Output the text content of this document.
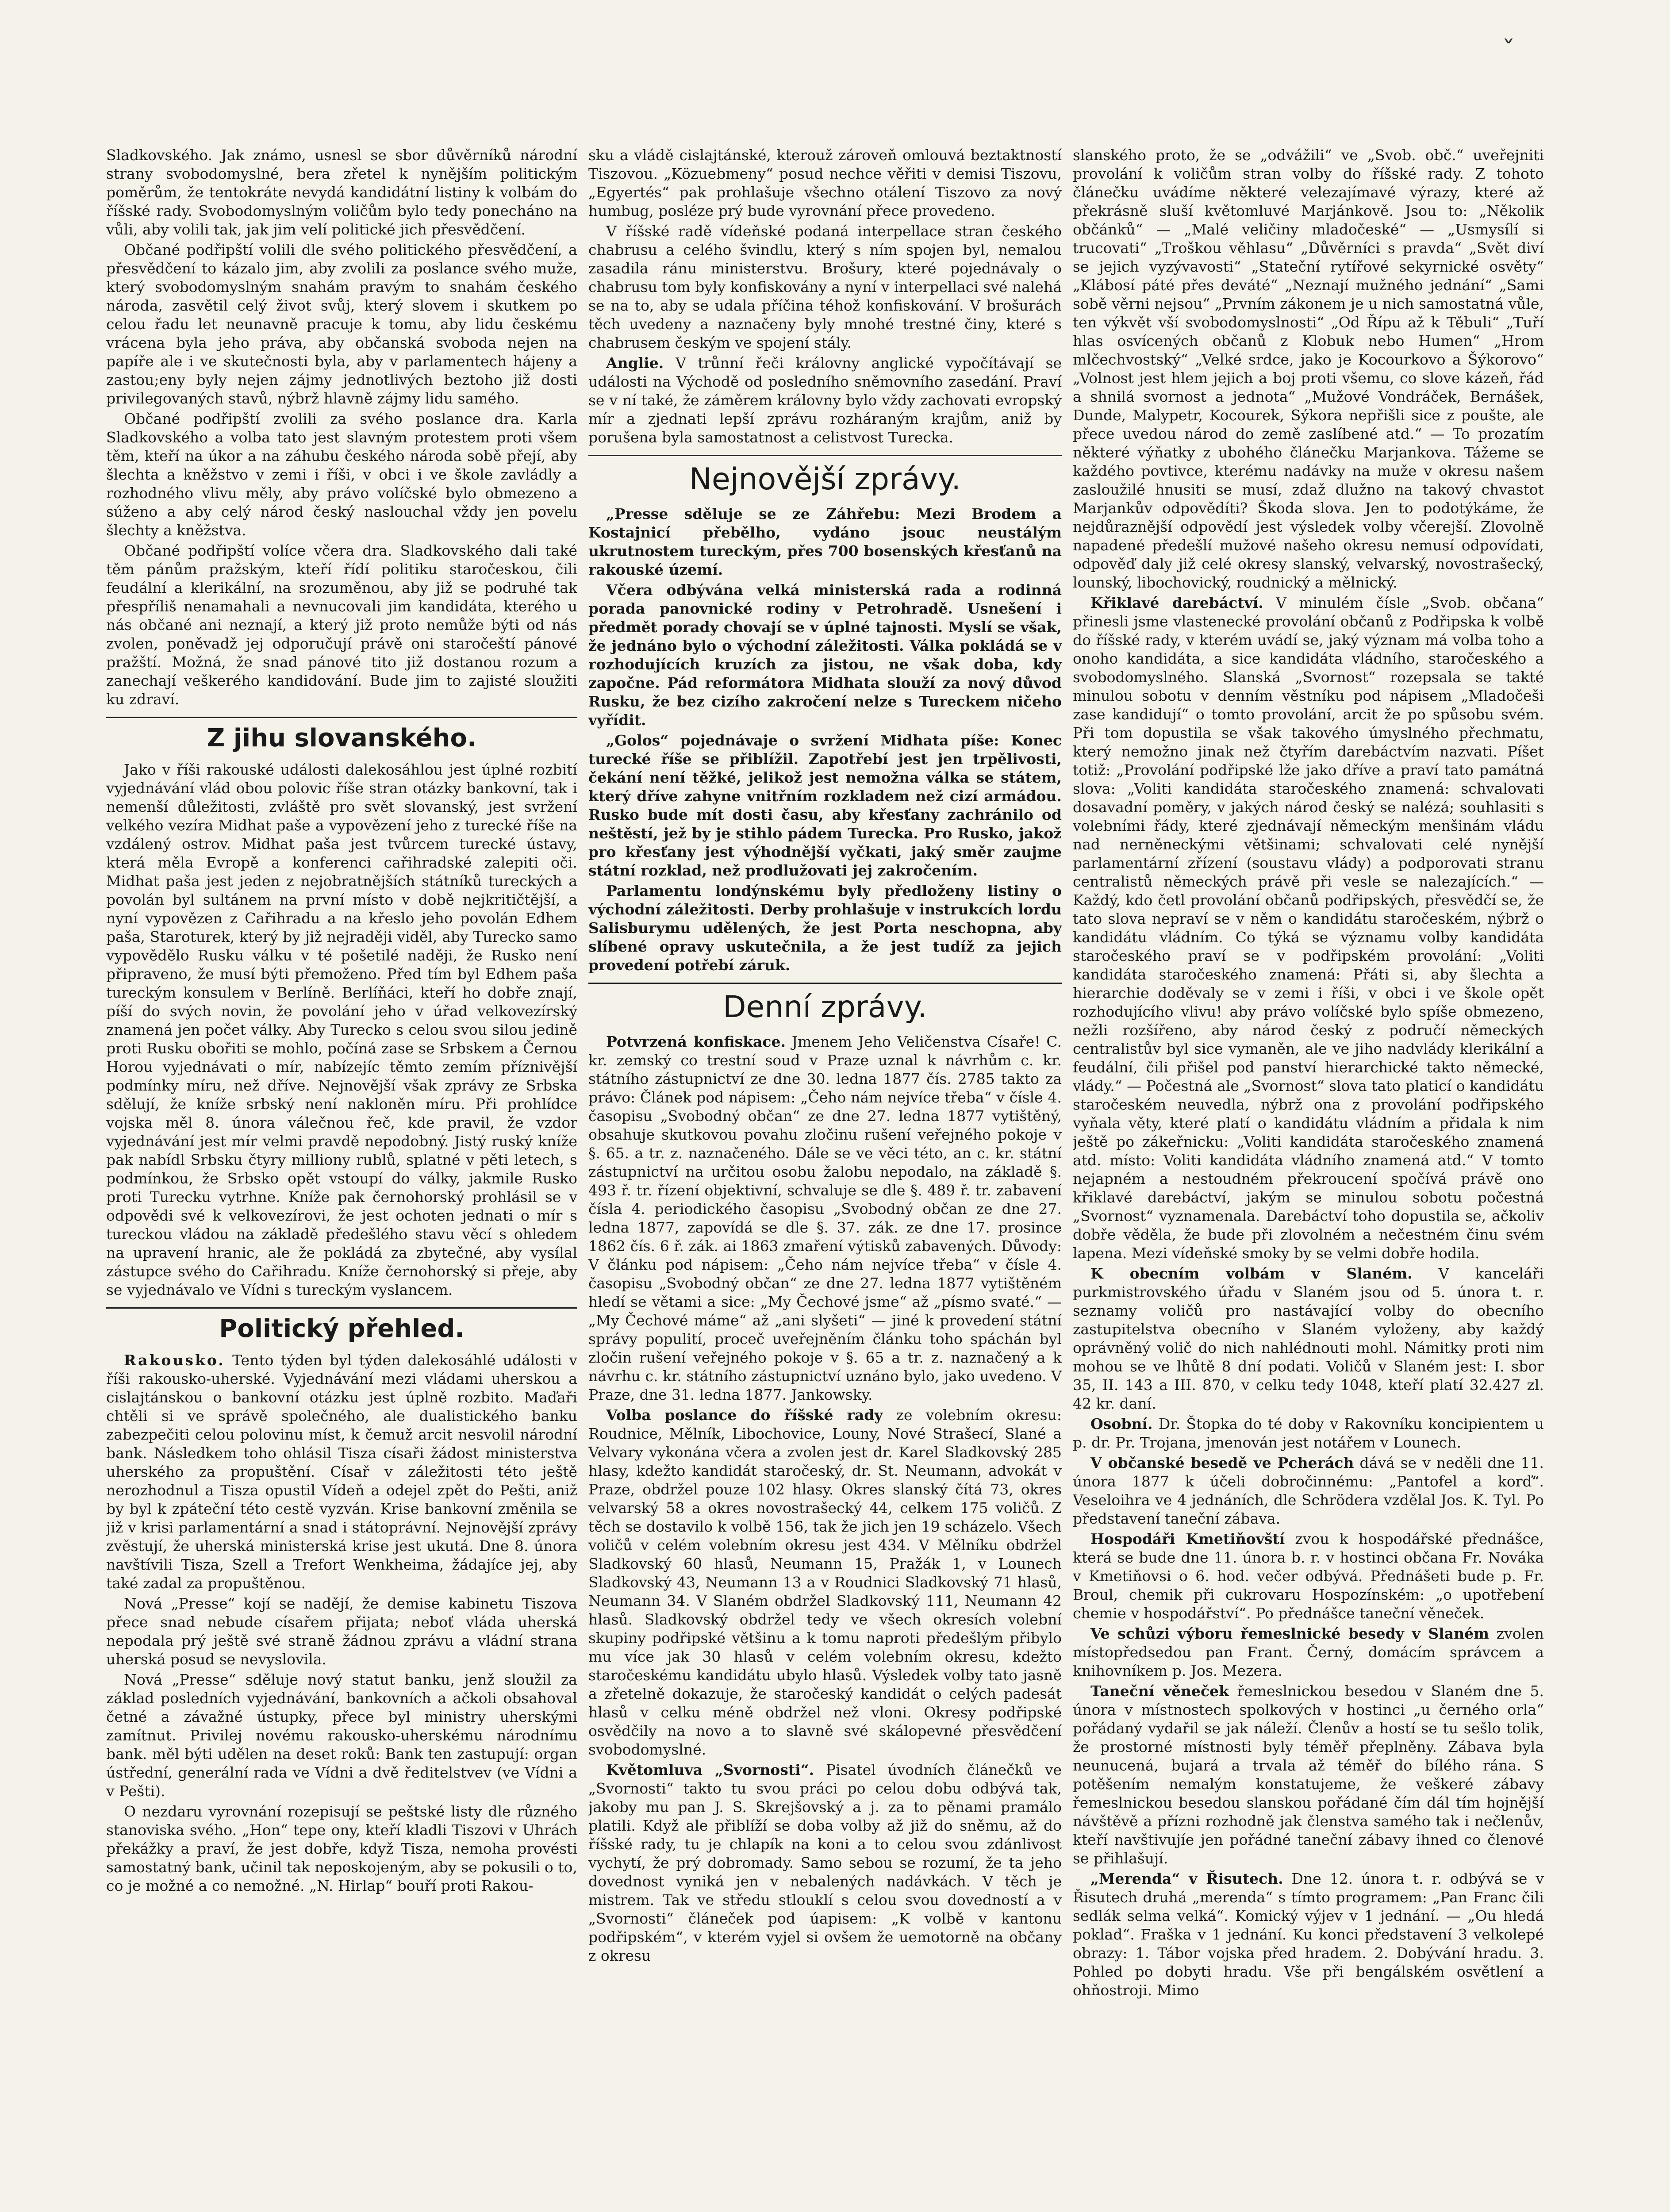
ˇ

Sladkovského. Jak známo, usnesl se sbor důvěrníků národní strany svobodomyslné, bera zřetel k nynějším politickým poměrům, že tentokráte nevydá kandidátní listiny k volbám do říšské rady. Svobodomyslným voličům bylo tedy ponecháno na vůli, aby volili tak, jak jim velí politické jich přesvědčení.

Občané podřipští volili dle svého politického přesvědčení, a přesvědčení to kázalo jim, aby zvolili za poslance svého muže, který svobodomyslným snahám pravým to snahám českého národa, zasvětil celý život svůj, který slovem i skutkem po celou řadu let neunavně pracuje k tomu, aby lidu českému vrácena byla jeho práva, aby občanská svoboda nejen na papíře ale i ve skutečnosti byla, aby v parlamentech hájeny a zastou;eny byly nejen zájmy jednotlivých beztoho již dosti privilegovaných stavů, nýbrž hlavně zájmy lidu samého.

Občané podřipští zvolili za svého poslance dra. Karla Sladkovského a volba tato jest slavným protestem proti všem těm, kteří na úkor a na záhubu českého národa sobě přejí, aby šlechta a kněžstvo v zemi i říši, v obci i ve škole zavládly a rozhodného vlivu měly, aby právo volíčské bylo obmezeno a súženo a aby celý národ český naslouchal vždy jen povelu šlechty a kněžstva.

Občané podřipští volíce včera dra. Sladkovského dali také těm pánům pražským, kteří řídí politiku staročeskou, čili feudální a klerikální, na srozuměnou, aby již se podruhé tak přespříliš nenamahali a nevnucovali jim kandidáta, kterého u nás občané ani neznají, a který již proto nemůže býti od nás zvolen, poněvadž jej odporučují právě oni staročeští pánové pražští. Možná, že snad pánové tito již dostanou rozum a zanechají veškerého kandidování. Bude jim to zajisté sloužiti ku zdraví.

Z jihu slovanského.

Jako v říši rakouské události dalekosáhlou jest úplné rozbití vyjednávání vlád obou polovic říše stran otázky bankovní, tak i nemenší důležitosti, zvláště pro svět slovanský, jest svržení velkého vezíra Midhat paše a vypovězení jeho z turecké říše na vzdálený ostrov. Midhat paša jest tvůrcem turecké ústavy, která měla Evropě a konferenci cařihradské zalepiti oči. Midhat paša jest jeden z nejobratnějších státníků tureckých a povolán byl sultánem na první místo v době nejkritičtější, a nyní vypovězen z Cařihradu a na křeslo jeho povolán Edhem paša, Staroturek, který by již nejraději viděl, aby Turecko samo vypovědělo Rusku válku v té pošetilé naději, že Rusko není připraveno, že musí býti přemoženo. Před tím byl Edhem paša tureckým konsulem v Berlíně. Berlíňáci, kteří ho dobře znají, píší do svých novin, že povolání jeho v úřad velkovezírský znamená jen počet války. Aby Turecko s celou svou silou jedině proti Rusku obořiti se mohlo, počíná zase se Srbskem a Černou Horou vyjednávati o mír, nabízejíc těmto zemím příznivější podmínky míru, než dříve. Nejnovější však zprávy ze Srbska sdělují, že kníže srbský není nakloněn míru. Při prohlídce vojska měl 8. února válečnou řeč, kde pravil, že vzdor vyjednávání jest mír velmi pravdě nepodobný. Jistý ruský kníže pak nabídl Srbsku čtyry milliony rublů, splatné v pěti letech, s podmínkou, že Srbsko opět vstoupí do války, jakmile Rusko proti Turecku vytrhne. Kníže pak černohorský prohlásil se v odpovědi své k velkovezírovi, že jest ochoten jednati o mír s tureckou vládou na základě předešlého stavu věcí s ohledem na upravení hranic, ale že pokládá za zbytečné, aby vysílal zástupce svého do Cařihradu. Kníže černohorský si přeje, aby se vyjednávalo ve Vídni s tureckým vyslancem.

Politický přehled.

Rakousko. Tento týden byl týden dalekosáhlé události v říši rakousko-uherské. Vyjednávání mezi vládami uherskou a cislajtánskou o bankovní otázku jest úplně rozbito. Maďaři chtěli si ve správě společného, ale dualistického banku zabezpečiti celou polovinu míst, k čemuž arcit nesvolil národní bank. Následkem toho ohlásil Tisza císaři žádost ministerstva uherského za propuštění. Císař v záležitosti této ještě nerozhodnul a Tisza opustil Vídeň a odejel zpět do Pešti, aniž by byl k zpáteční této cestě vyzván. Krise bankovní změnila se již v krisi parlamentární a snad i státoprávní. Nejnovější zprávy zvěstují, že uherská ministerská krise jest ukutá. Dne 8. února navštívili Tisza, Szell a Trefort Wenkheima, žádajíce jej, aby také zadal za propuštěnou.

Nová „Presse“ kojí se nadějí, že demise kabinetu Tiszova přece snad nebude císařem přijata; neboť vláda uherská nepodala prý ještě své straně žádnou zprávu a vládní strana uherská posud se nevyslovila.

Nová „Presse“ sděluje nový statut banku, jenž sloužil za základ posledních vyjednávání, bankovních a ačkoli obsahoval četné a závažné ústupky, přece byl ministry uherskými zamítnut. Privilej novému rakousko-uherskému národnímu bank. měl býti udělen na deset roků: Bank ten zastupují: organ ústřední, generální rada ve Vídni a dvě ředitelstvev (ve Vídni a v Pešti).

O nezdaru vyrovnání rozepisují se peštské listy dle různého stanoviska svého. „Hon“ tepe ony, kteří kladli Tiszovi v Uhrách překážky a praví, že jest dobře, když Tisza, nemoha provésti samostatný bank, učinil tak neposkojeným, aby se pokusili o to, co je možné a co nemožné. „N. Hirlap“ bouří proti Rakou-

sku a vládě cislajtánské, kterouž zároveň omlouvá beztaktností Tiszovou. „Közuebmeny“ posud nechce věřiti v demisi Tiszovu, „Egyertés“ pak prohlašuje všechno otálení Tiszovo za nový humbug, posléze prý bude vyrovnání přece provedeno.

V říšské radě vídeňské podaná interpellace stran českého chabrusu a celého švindlu, který s ním spojen byl, nemalou zasadila ránu ministerstvu. Brošury, které pojednávaly o chabrusu tom byly konfiskovány a nyní v interpellaci své nalehá se na to, aby se udala příčina téhož konfiskování. V brošurách těch uvedeny a naznačeny byly mnohé trestné činy, které s chabrusem českým ve spojení stály.

Anglie. V trůnní řeči královny anglické vypočítávají se události na Východě od posledního sněmovního zasedání. Praví se v ní také, že záměrem královny bylo vždy zachovati evropský mír a zjednati lepší zprávu rozháraným krajům, aniž by porušena byla samostatnost a celistvost Turecka.

Nejnovější zprávy.

„Presse sděluje se ze Záhřebu: Mezi Brodem a Kostajnicí přebělho, vydáno jsouc neustálým ukrutnostem tureckým, přes 700 bosenských křesťanů na rakouské území.

Včera odbývána velká ministerská rada a rodinná porada panovnické rodiny v Petrohradě. Usnešení i předmět porady chovají se v úplné tajnosti. Myslí se však, že jednáno bylo o východní záležitosti. Válka pokládá se v rozhodujících kruzích za jistou, ne však doba, kdy započne. Pád reformátora Midhata slouží za nový důvod Rusku, že bez cizího zakročení nelze s Tureckem ničeho vyřídit.

„Golos“ pojednávaje o svržení Midhata píše: Konec turecké říše se přiblížil. Zapotřebí jest jen trpělivosti, čekání není těžké, jelikož jest nemožna válka se státem, který dříve zahyne vnitřním rozkladem než cizí armádou. Rusko bude mít dosti času, aby křesťany zachránilo od neštěstí, jež by je stihlo pádem Turecka. Pro Rusko, jakož pro křesťany jest výhodnější vyčkati, jaký směr zaujme státní rozklad, než prodlužovati jej zakročením.

Parlamentu londýnskému byly předloženy listiny o východní záležitosti. Derby prohlašuje v instrukcích lordu Salisburymu udělených, že jest Porta neschopna, aby slíbené opravy uskutečnila, a že jest tudíž za jejich provedení potřebí záruk.

Denní zprávy.

Potvrzená konfiskace. Jmenem Jeho Veličenstva Císaře! C. kr. zemský co trestní soud v Praze uznal k návrhům c. kr. státního zástupnictví ze dne 30. ledna 1877 čís. 2785 takto za právo: Článek pod nápisem: „Čeho nám nejvíce třeba“ v čísle 4. časopisu „Svobodný občan“ ze dne 27. ledna 1877 vytištěný, obsahuje skutkovou povahu zločinu rušení veřejného pokoje v §. 65. a tr. z. naznačeného. Dále se ve věci této, an c. kr. státní zástupnictví na určitou osobu žalobu nepodalo, na základě §. 493 ř. tr. řízení objektivní, schvaluje se dle §. 489 ř. tr. zabavení čísla 4. periodického časopisu „Svobodný občan ze dne 27. ledna 1877, zapovídá se dle §. 37. zák. ze dne 17. prosince 1862 čís. 6 ř. zák. ai 1863 zmaření výtisků zabavených. Důvody: V článku pod nápisem: „Čeho nám nejvíce třeba“ v čísle 4. časopisu „Svobodný občan“ ze dne 27. ledna 1877 vytištěném hledí se větami a sice: „My Čechové jsme“ až „písmo svaté.“ — „My Čechové máme“ až „ani slyšeti“ — jiné k provedení státní správy populití, proceč uveřejněním článku toho spáchán byl zločin rušení veřejného pokoje v §. 65 a tr. z. naznačený a k návrhu c. kr. státního zástupnictví uznáno bylo, jako uvedeno. V Praze, dne 31. ledna 1877. Jankowsky.

Volba poslance do říšské rady ze volebním okresu: Roudnice, Mělník, Libochovice, Louny, Nové Strašecí, Slané a Velvary vykonána včera a zvolen jest dr. Karel Sladkovský 285 hlasy, kdežto kandidát staročeský, dr. St. Neumann, advokát v Praze, obdržel pouze 102 hlasy. Okres slanský čítá 73, okres velvarský 58 a okres novostrašecký 44, celkem 175 voličů. Z těch se dostavilo k volbě 156, tak že jich jen 19 scházelo. Všech voličů v celém volebním okresu jest 434. V Mělníku obdržel Sladkovský 60 hlasů, Neumann 15, Pražák 1, v Lounech Sladkovský 43, Neumann 13 a v Roudnici Sladkovský 71 hlasů, Neumann 34. V Slaném obdržel Sladkovský 111, Neumann 42 hlasů. Sladkovský obdržel tedy ve všech okresích volební skupiny podřipské většinu a k tomu naproti předešlým přibylo mu více jak 30 hlasů v celém volebním okresu, kdežto staročeskému kandidátu ubylo hlasů. Výsledek volby tato jasně a zřetelně dokazuje, že staročeský kandidát o celých padesát hlasů v celku méně obdržel než vloni. Okresy podřipské osvědčily na novo a to slavně své skálopevné přesvědčení svobodomyslné.

Květomluva „Svornosti“. Pisatel úvodních článečků ve „Svornosti“ takto tu svou práci po celou dobu odbývá tak, jakoby mu pan J. S. Skrejšovský a j. za to pěnami pramálo platili. Když ale přiblíží se doba volby až již do sněmu, až do říšské rady, tu je chlapík na koni a to celou svou zdánlivost vychytí, že prý dobromady. Samo sebou se rozumí, že ta jeho dovednost vyniká jen v nebalených nadávkách. V těch je mistrem. Tak ve středu stlouklí s celou svou dovedností a v „Svornosti“ článeček pod úapisem: „K volbě v kantonu podřipském“, v kterém vyjel si ovšem že uemotorně na občany z okresu

slanského proto, že se „odvážili“ ve „Svob. obč.“ uveřejniti provolání k voličům stran volby do říšské rady. Z tohoto článečku uvádíme některé velezajímavé výrazy, které až překrásně sluší květomluvé Marjánkově. Jsou to: „Několik občánků“ — „Malé veličiny mladočeské“ — „Usmysílí si trucovati“ „Troškou věhlasu“ „Důvěrníci s pravda“ „Svět diví se jejich vyzývavosti“ „Stateční rytířové sekyrnické osvěty“ „Klábosí páté přes deváté“ „Neznají mužného jednání“ „Sami sobě věrni nejsou“ „Prvním zákonem je u nich samostatná vůle, ten výkvět vší svobodomyslnosti“ „Od Řípu až k Těbuli“ „Tuří hlas osvícených občanů z Klobuk nebo Humen“ „Hrom mlčechvostský“ „Velké srdce, jako je Kocourkovo a Šýkorovo“ „Volnost jest hlem jejich a boj proti všemu, co slove kázeň, řád a shnilá svornost a jednota“ „Mužové Vondráček, Bernášek, Dunde, Malypetr, Kocourek, Sýkora nepřišli sice z poušte, ale přece uvedou národ do země zaslíbené atd.“ — To prozatím některé výňatky z ubohého článečku Marjankova. Tážeme se každého povtivce, kterému nadávky na muže v okresu našem zasloužilé hnusiti se musí, zdaž dlužno na takový chvastot Marjankův odpovědíti? Škoda slova. Jen to podotýkáme, že nejdůraznější odpovědí jest výsledek volby včerejší. Zlovolně napadené předešlí mužové našeho okresu nemusí odpovídati, odpověď daly již celé okresy slanský, velvarský, novostrašecký, lounský, libochovický, roudnický a mělnický.

Křiklavé darebáctví. V minulém čísle „Svob. občana“ přinesli jsme vlastenecké provolání občanů z Podřipska k volbě do říšské rady, v kterém uvádí se, jaký význam má volba toho a onoho kandidáta, a sice kandidáta vládního, staročeského a svobodomyslného. Slanská „Svornost“ rozepsala se takté minulou sobotu v denním věstníku pod nápisem „Mladočeši zase kandidují“ o tomto provolání, arcit že po spůsobu svém. Při tom dopustila se však takového úmyslného přechmatu, který nemožno jinak než čtyřím darebáctvím nazvati. Píšet totiž: „Provolání podřipské lže jako dříve a praví tato památná slova: „Voliti kandidáta staročeského znamená: schvalovati dosavadní poměry, v jakých národ český se nalézá; souhlasiti s volebními řády, které zjednávají německým menšinám vládu nad nerněneckými většinami; schvalovati celé nynější parlamentární zřízení (soustavu vlády) a podporovati stranu centralistů německých právě při vesle se nalezajících.“ — Každý, kdo četl provolání občanů podřipských, přesvědčí se, že tato slova nepraví se v něm o kandidátu staročeském, nýbrž o kandidátu vládním. Co týká se významu volby kandidáta staročeského praví se v podřipském provolání: „Voliti kandidáta staročeského znamená: Přáti si, aby šlechta a hierarchie doděvaly se v zemi i říši, v obci i ve škole opět rozhodujícího vlivu! aby právo volíčské bylo spíše obmezeno, nežli rozšířeno, aby národ český z područí německých centralistův byl sice vymaněn, ale ve jiho nadvlády klerikální a feudální, čili přišel pod panství hierarchické takto německé, vlády.“ — Počestná ale „Svornost“ slova tato platicí o kandidátu staročeském neuvedla, nýbrž ona z provolání podřipského vyňala věty, které platí o kandidátu vládním a přidala k nim ještě po zákeřnicku: „Voliti kandidáta staročeského znamená atd. místo: Voliti kandidáta vládního znamená atd.“ V tomto nejapném a nestoudném překroucení spočívá právě ono křiklavé darebáctví, jakým se minulou sobotu počestná „Svornost“ vyznamenala. Darebáctví toho dopustila se, ačkoliv dobře věděla, že bude při zlovolném a nečestném činu svém lapena. Mezi vídeňské smoky by se velmi dobře hodila.

K obecním volbám v Slaném. V kanceláři purkmistrovského úřadu v Slaném jsou od 5. února t. r. seznamy voličů pro nastávající volby do obecního zastupitelstva obecního v Slaném vyloženy, aby každý oprávněný volič do nich nahlédnouti mohl. Námitky proti nim mohou se ve lhůtě 8 dní podati. Voličů v Slaném jest: I. sbor 35, II. 143 a III. 870, v celku tedy 1048, kteří platí 32.427 zl. 42 kr. daní.

Osobní. Dr. Štopka do té doby v Rakovníku koncipientem u p. dr. Pr. Trojana, jmenován jest notářem v Lounech.

V občanské besedě ve Pcherách dává se v neděli dne 11. února 1877 k účeli dobročinnému: „Pantofel a korď“. Veseloihra ve 4 jednáních, dle Schrödera vzdělal Jos. K. Tyl. Po představení taneční zábava.

Hospodáři Kmetiňovští zvou k hospodářské přednášce, která se bude dne 11. února b. r. v hostinci občana Fr. Nováka v Kmetiňovsi o 6. hod. večer odbývá. Přednášeti bude p. Fr. Broul, chemik při cukrovaru Hospozínském: „o upotřebení chemie v hospodářství“. Po přednášce taneční věneček.

Ve schůzi výboru řemeslnické besedy v Slaném zvolen místopředsedou pan Frant. Černý, domácím správcem a knihovníkem p. Jos. Mezera.

Taneční věneček řemeslnickou besedou v Slaném dne 5. února v místnostech spolkových v hostinci „u černého orla“ pořádaný vydařil se jak náleží. Členův a hostí se tu sešlo tolik, že prostorné místnosti byly téměř přeplněny. Zábava byla neunucená, bujará a trvala až téměř do bílého rána. S potěšením nemalým konstatujeme, že veškeré zábavy řemeslnickou besedou slanskou pořádané čím dál tím hojnější návštěvě a přízni rozhodně jak členstva samého tak i nečlenův, kteří navštivujíe jen pořádné taneční zábavy ihned co členové se přihlašují.

„Merenda“ v Řisutech. Dne 12. února t. r. odbývá se v Řisutech druhá „merenda“ s tímto programem: „Pan Franc čili sedlák selma velká“. Komický výjev v 1 jednání. — „Ou hledá poklad“. Fraška v 1 jednání. Ku konci představení 3 velkolepé obrazy: 1. Tábor vojska před hradem. 2. Dobývání hradu. 3. Pohled po dobyti hradu. Vše při bengálském osvětlení a ohňostroji. Mimo
